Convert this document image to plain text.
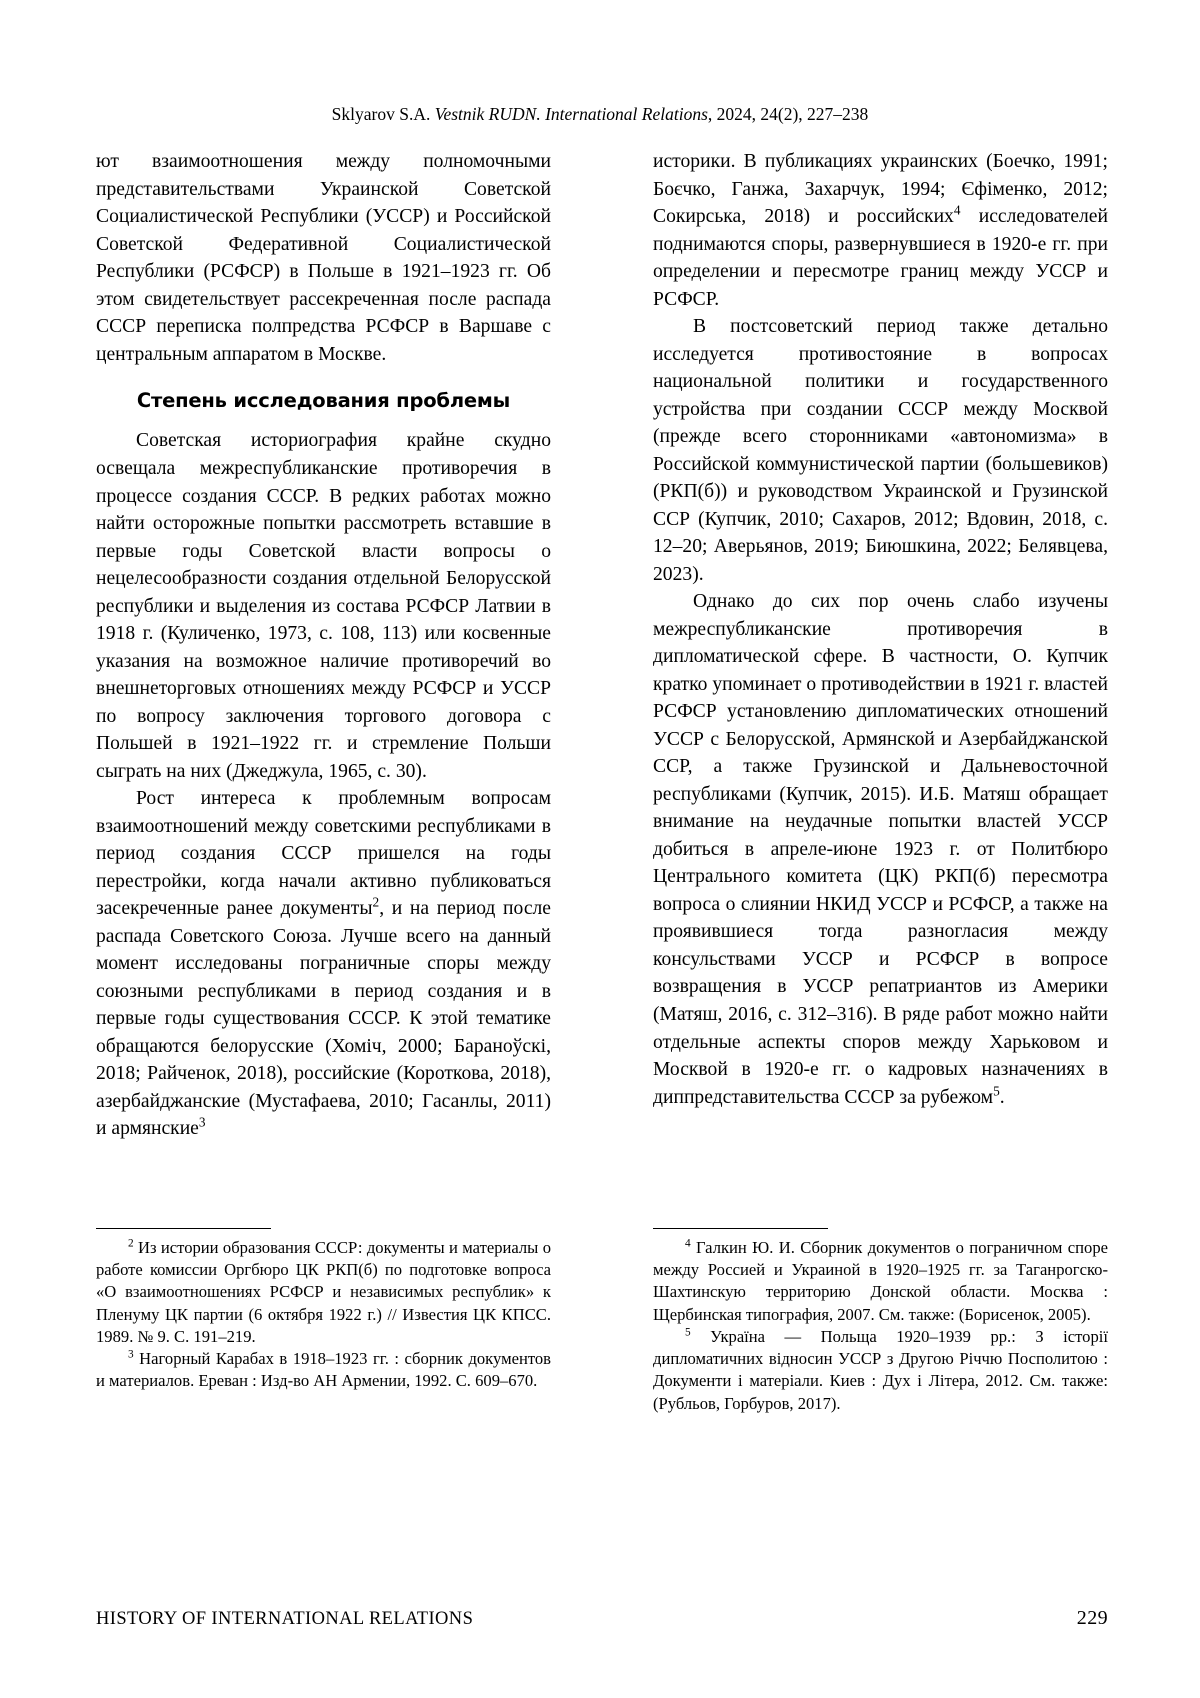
Sklyarov S.A. Vestnik RUDN. International Relations, 2024, 24(2), 227–238

ют взаимоотношения между полномочными представительствами Украинской Советской Социалистической Республики (УССР) и Российской Советской Федеративной Социалистической Республики (РСФСР) в Польше в 1921–1923 гг. Об этом свидетельствует рассекреченная после распада СССР переписка полпредства РСФСР в Варшаве с центральным аппаратом в Москве.

Степень исследования проблемы

Советская историография крайне скудно освещала межреспубликанские противоречия в процессе создания СССР. В редких работах можно найти осторожные попытки рассмотреть вставшие в первые годы Советской власти вопросы о нецелесообразности создания отдельной Белорусской республики и выделения из состава РСФСР Латвии в 1918 г. (Куличенко, 1973, с. 108, 113) или косвенные указания на возможное наличие противоречий во внешнеторговых отношениях между РСФСР и УССР по вопросу заключения торгового договора с Польшей в 1921–1922 гг. и стремление Польши сыграть на них (Джеджула, 1965, с. 30).

Рост интереса к проблемным вопросам взаимоотношений между советскими республиками в период создания СССР пришелся на годы перестройки, когда начали активно публиковаться засекреченные ранее документы$^2$, и на период после распада Советского Союза. Лучше всего на данный момент исследованы пограничные споры между союзными республиками в период создания и в первые годы существования СССР. К этой тематике обращаются белорусские (Хоміч, 2000; Бараноўскі, 2018; Райченок, 2018), российские (Короткова, 2018), азербайджанские (Мустафаева, 2010; Гасанлы, 2011) и армянские$^3$

историки. В публикациях украинских (Боечко, 1991; Боєчко, Ганжа, Захарчук, 1994; Єфіменко, 2012; Сокирська, 2018) и российских$^4$ исследователей поднимаются споры, развернувшиеся в 1920-е гг. при определении и пересмотре границ между УССР и РСФСР.

В постсоветский период также детально исследуется противостояние в вопросах национальной политики и государственного устройства при создании СССР между Москвой (прежде всего сторонниками «автономизма» в Российской коммунистической партии (большевиков) (РКП(б)) и руководством Украинской и Грузинской ССР (Купчик, 2010; Сахаров, 2012; Вдовин, 2018, с. 12–20; Аверьянов, 2019; Биюшкина, 2022; Белявцева, 2023).

Однако до сих пор очень слабо изучены межреспубликанские противоречия в дипломатической сфере. В частности, О. Купчик кратко упоминает о противодействии в 1921 г. властей РСФСР установлению дипломатических отношений УССР с Белорусской, Армянской и Азербайджанской ССР, а также Грузинской и Дальневосточной республиками (Купчик, 2015). И.Б. Матяш обращает внимание на неудачные попытки властей УССР добиться в апреле-июне 1923 г. от Политбюро Центрального комитета (ЦК) РКП(б) пересмотра вопроса о слиянии НКИД УССР и РСФСР, а также на проявившиеся тогда разногласия между консульствами УССР и РСФСР в вопросе возвращения в УССР репатриантов из Америки (Матяш, 2016, с. 312–316). В ряде работ можно найти отдельные аспекты споров между Харьковом и Москвой в 1920-е гг. о кадровых назначениях в диппредставительства СССР за рубежом$^5$.

$^2$ Из истории образования СССР: документы и материалы о работе комиссии Оргбюро ЦК РКП(б) по подготовке вопроса «О взаимоотношениях РСФСР и независимых республик» к Пленуму ЦК партии (6 октября 1922 г.) // Известия ЦК КПСС. 1989. № 9. С. 191–219.

$^3$ Нагорный Карабах в 1918–1923 гг. : сборник документов и материалов. Ереван : Изд-во АН Армении, 1992. С. 609–670.

$^4$ Галкин Ю. И. Сборник документов о пограничном споре между Россией и Украиной в 1920–1925 гг. за Таганрогско-Шахтинскую территорию Донской области. Москва : Щербинская типография, 2007. См. также: (Борисенок, 2005).

$^5$ Україна — Польща 1920–1939 рр.: З історії дипломатичних відносин УССР з Другою Річчю Посполитою : Документи і матеріали. Киев : Дух і Літера, 2012. См. также: (Рубльов, Горбуров, 2017).

HISTORY OF INTERNATIONAL RELATIONS	229
